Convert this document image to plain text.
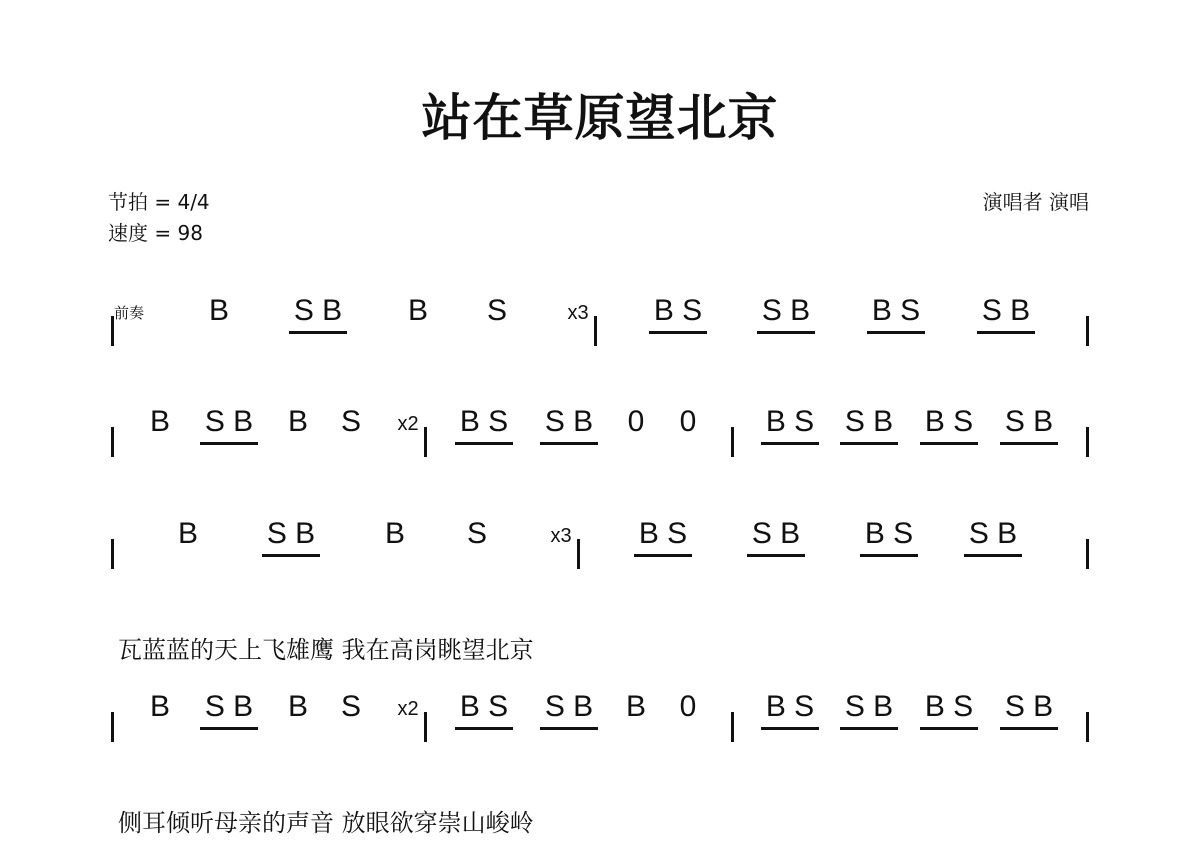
站在草原望北京
节拍 = 4/4
速度 = 98
演唱者 演唱
B S B B S	B S S B B S S B
x3
前奏
B S B B S	B S S B 0 0 B S S B B S S B
x2
B S B B S	B S S B B S S B
x3
瓦蓝蓝的天上飞雄鹰 我在高岗眺望北京
B S B B S	B S S B B 0 B S S B B S S B
x2
侧耳倾听母亲的声音 放眼欲穿崇山峻岭
